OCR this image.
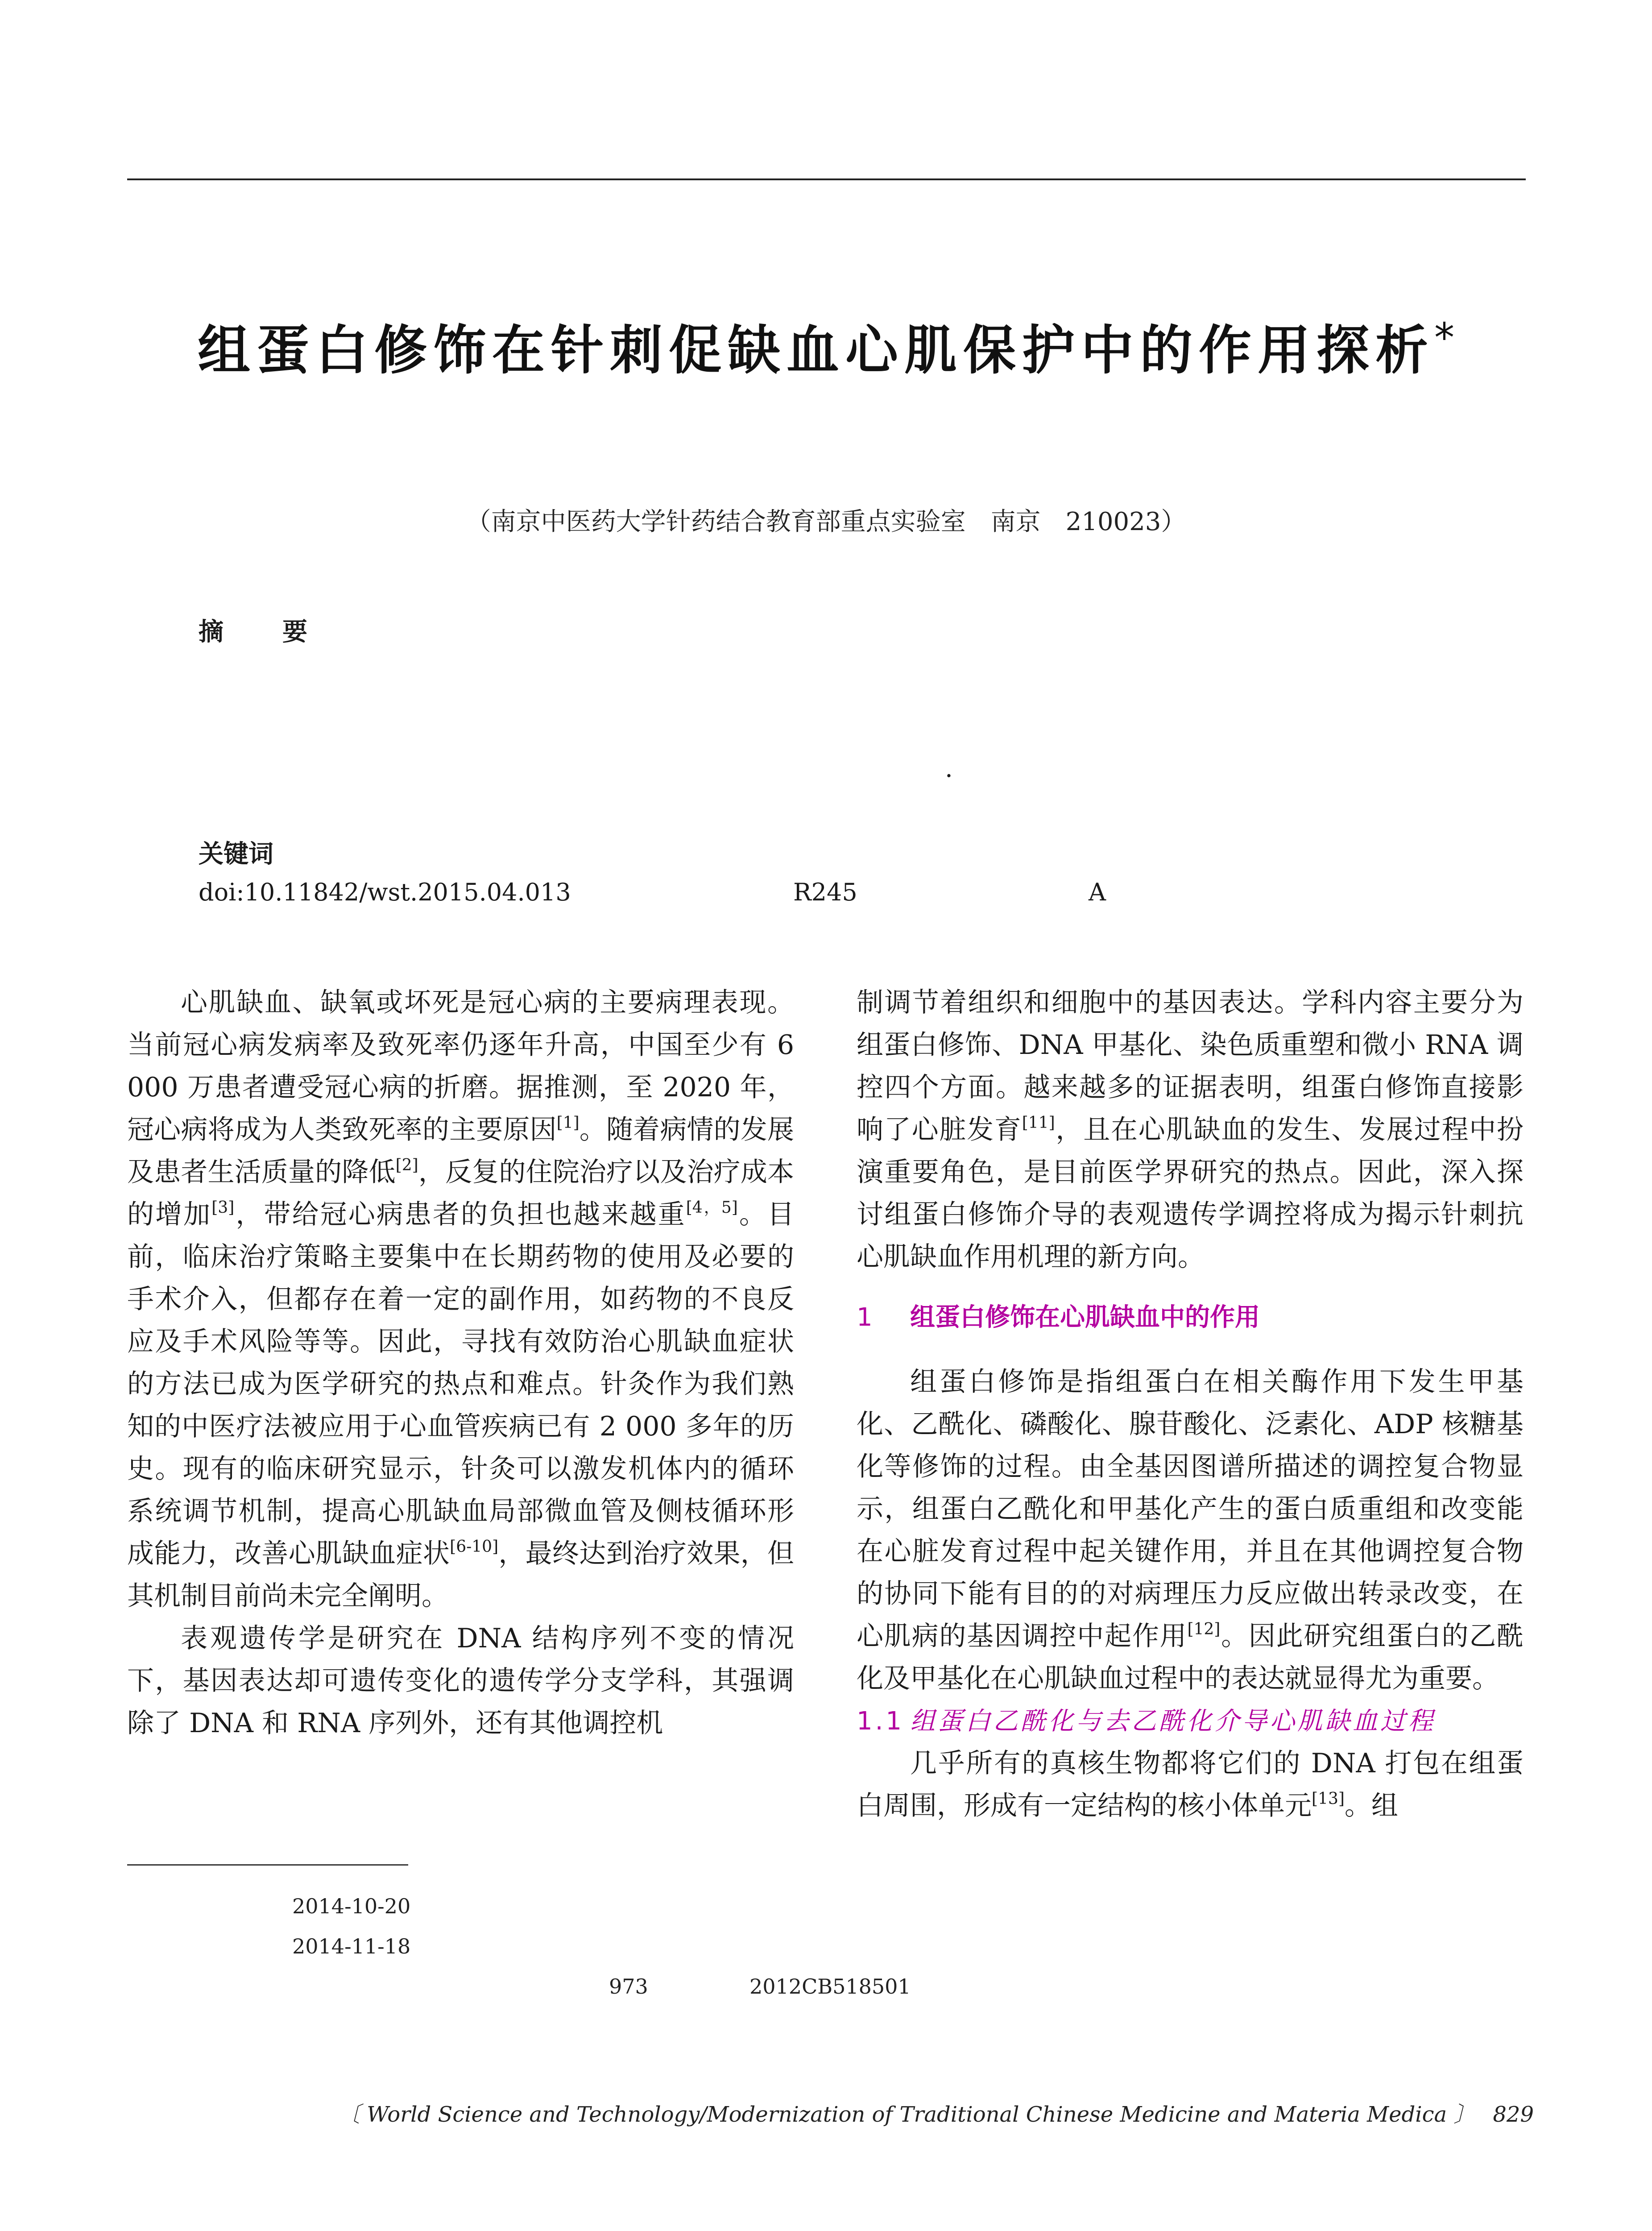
组蛋白修饰在针刺促缺血心肌保护中的作用探析*
（南京中医药大学针药结合教育部重点实验室　南京　210023）
摘　要
.
关键词
doi:10.11842/wst.2015.04.013	R245	A

心肌缺血、缺氧或坏死是冠心病的主要病理表现。当前冠心病发病率及致死率仍逐年升高，中国至少有 6 000 万患者遭受冠心病的折磨。据推测，至 2020 年，冠心病将成为人类致死率的主要原因[1]。随着病情的发展及患者生活质量的降低[2]，反复的住院治疗以及治疗成本的增加[3]，带给冠心病患者的负担也越来越重[4，5]。目前，临床治疗策略主要集中在长期药物的使用及必要的手术介入，但都存在着一定的副作用，如药物的不良反应及手术风险等等。因此，寻找有效防治心肌缺血症状的方法已成为医学研究的热点和难点。针灸作为我们熟知的中医疗法被应用于心血管疾病已有 2 000 多年的历史。现有的临床研究显示，针灸可以激发机体内的循环系统调节机制，提高心肌缺血局部微血管及侧枝循环形成能力，改善心肌缺血症状[6-10]，最终达到治疗效果，但其机制目前尚未完全阐明。

表观遗传学是研究在 DNA 结构序列不变的情况下，基因表达却可遗传变化的遗传学分支学科，其强调除了 DNA 和 RNA 序列外，还有其他调控机

制调节着组织和细胞中的基因表达。学科内容主要分为组蛋白修饰、DNA 甲基化、染色质重塑和微小 RNA 调控四个方面。越来越多的证据表明，组蛋白修饰直接影响了心脏发育[11]，且在心肌缺血的发生、发展过程中扮演重要角色，是目前医学界研究的热点。因此，深入探讨组蛋白修饰介导的表观遗传学调控将成为揭示针刺抗心肌缺血作用机理的新方向。

1 组蛋白修饰在心肌缺血中的作用

组蛋白修饰是指组蛋白在相关酶作用下发生甲基化、乙酰化、磷酸化、腺苷酸化、泛素化、ADP 核糖基化等修饰的过程。由全基因图谱所描述的调控复合物显示，组蛋白乙酰化和甲基化产生的蛋白质重组和改变能在心脏发育过程中起关键作用，并且在其他调控复合物的协同下能有目的的对病理压力反应做出转录改变，在心肌病的基因调控中起作用[12]。因此研究组蛋白的乙酰化及甲基化在心肌缺血过程中的表达就显得尤为重要。

1.1 组蛋白乙酰化与去乙酰化介导心肌缺血过程

几乎所有的真核生物都将它们的 DNA 打包在组蛋白周围，形成有一定结构的核小体单元[13]。组

2014-10-20
2014-11-18
973	2012CB518501
〔 World Science and Technology/Modernization of Traditional Chinese Medicine and Materia Medica 〕 829
